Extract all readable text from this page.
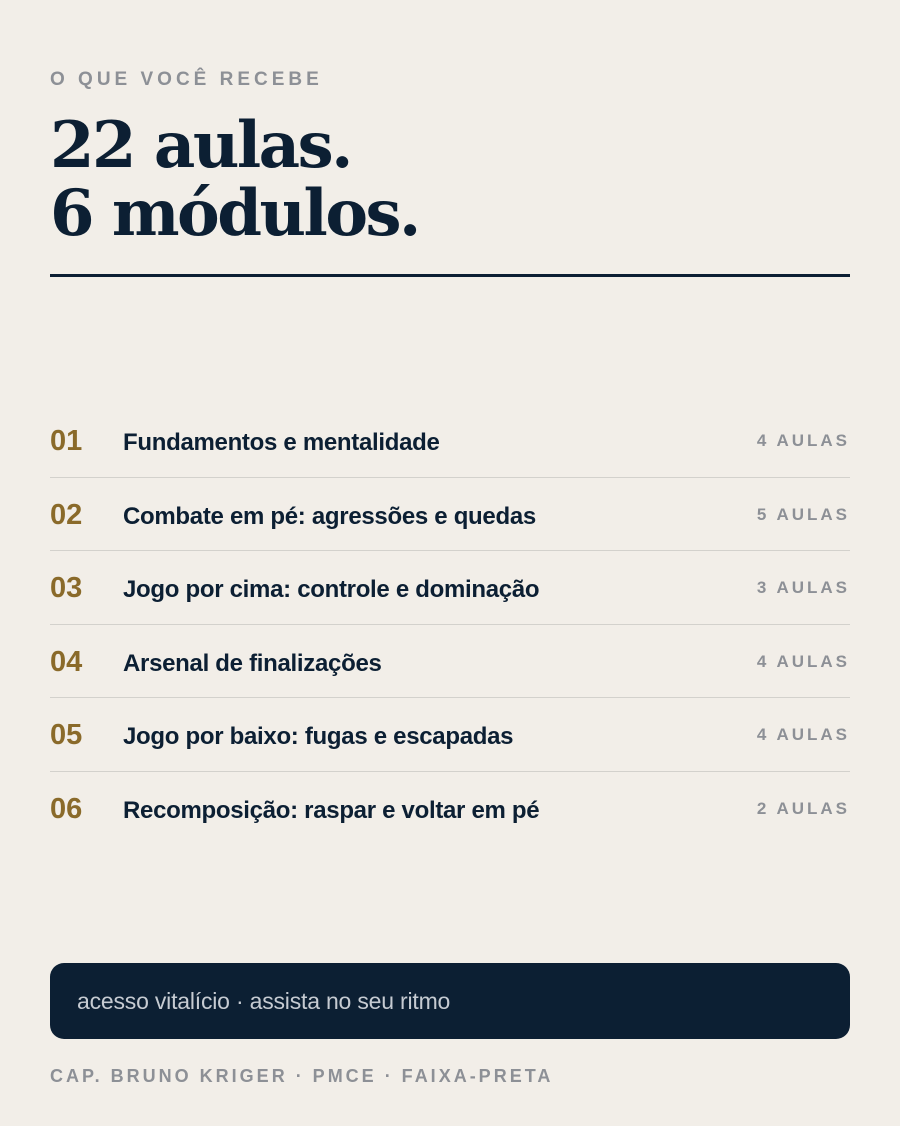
O QUE VOCÊ RECEBE

22 aulas.
6 módulos.
01 Fundamentos e mentalidade	4 AULAS
02 Combate em pé: agressões e quedas	5 AULAS
03 Jogo por cima: controle e dominação	3 AULAS
04 Arsenal de finalizações	4 AULAS
05 Jogo por baixo: fugas e escapadas	4 AULAS
06 Recomposição: raspar e voltar em pé	2 AULAS
acesso vitalício · assista no seu ritmo
CAP. BRUNO KRIGER · PMCE · FAIXA-PRETA
